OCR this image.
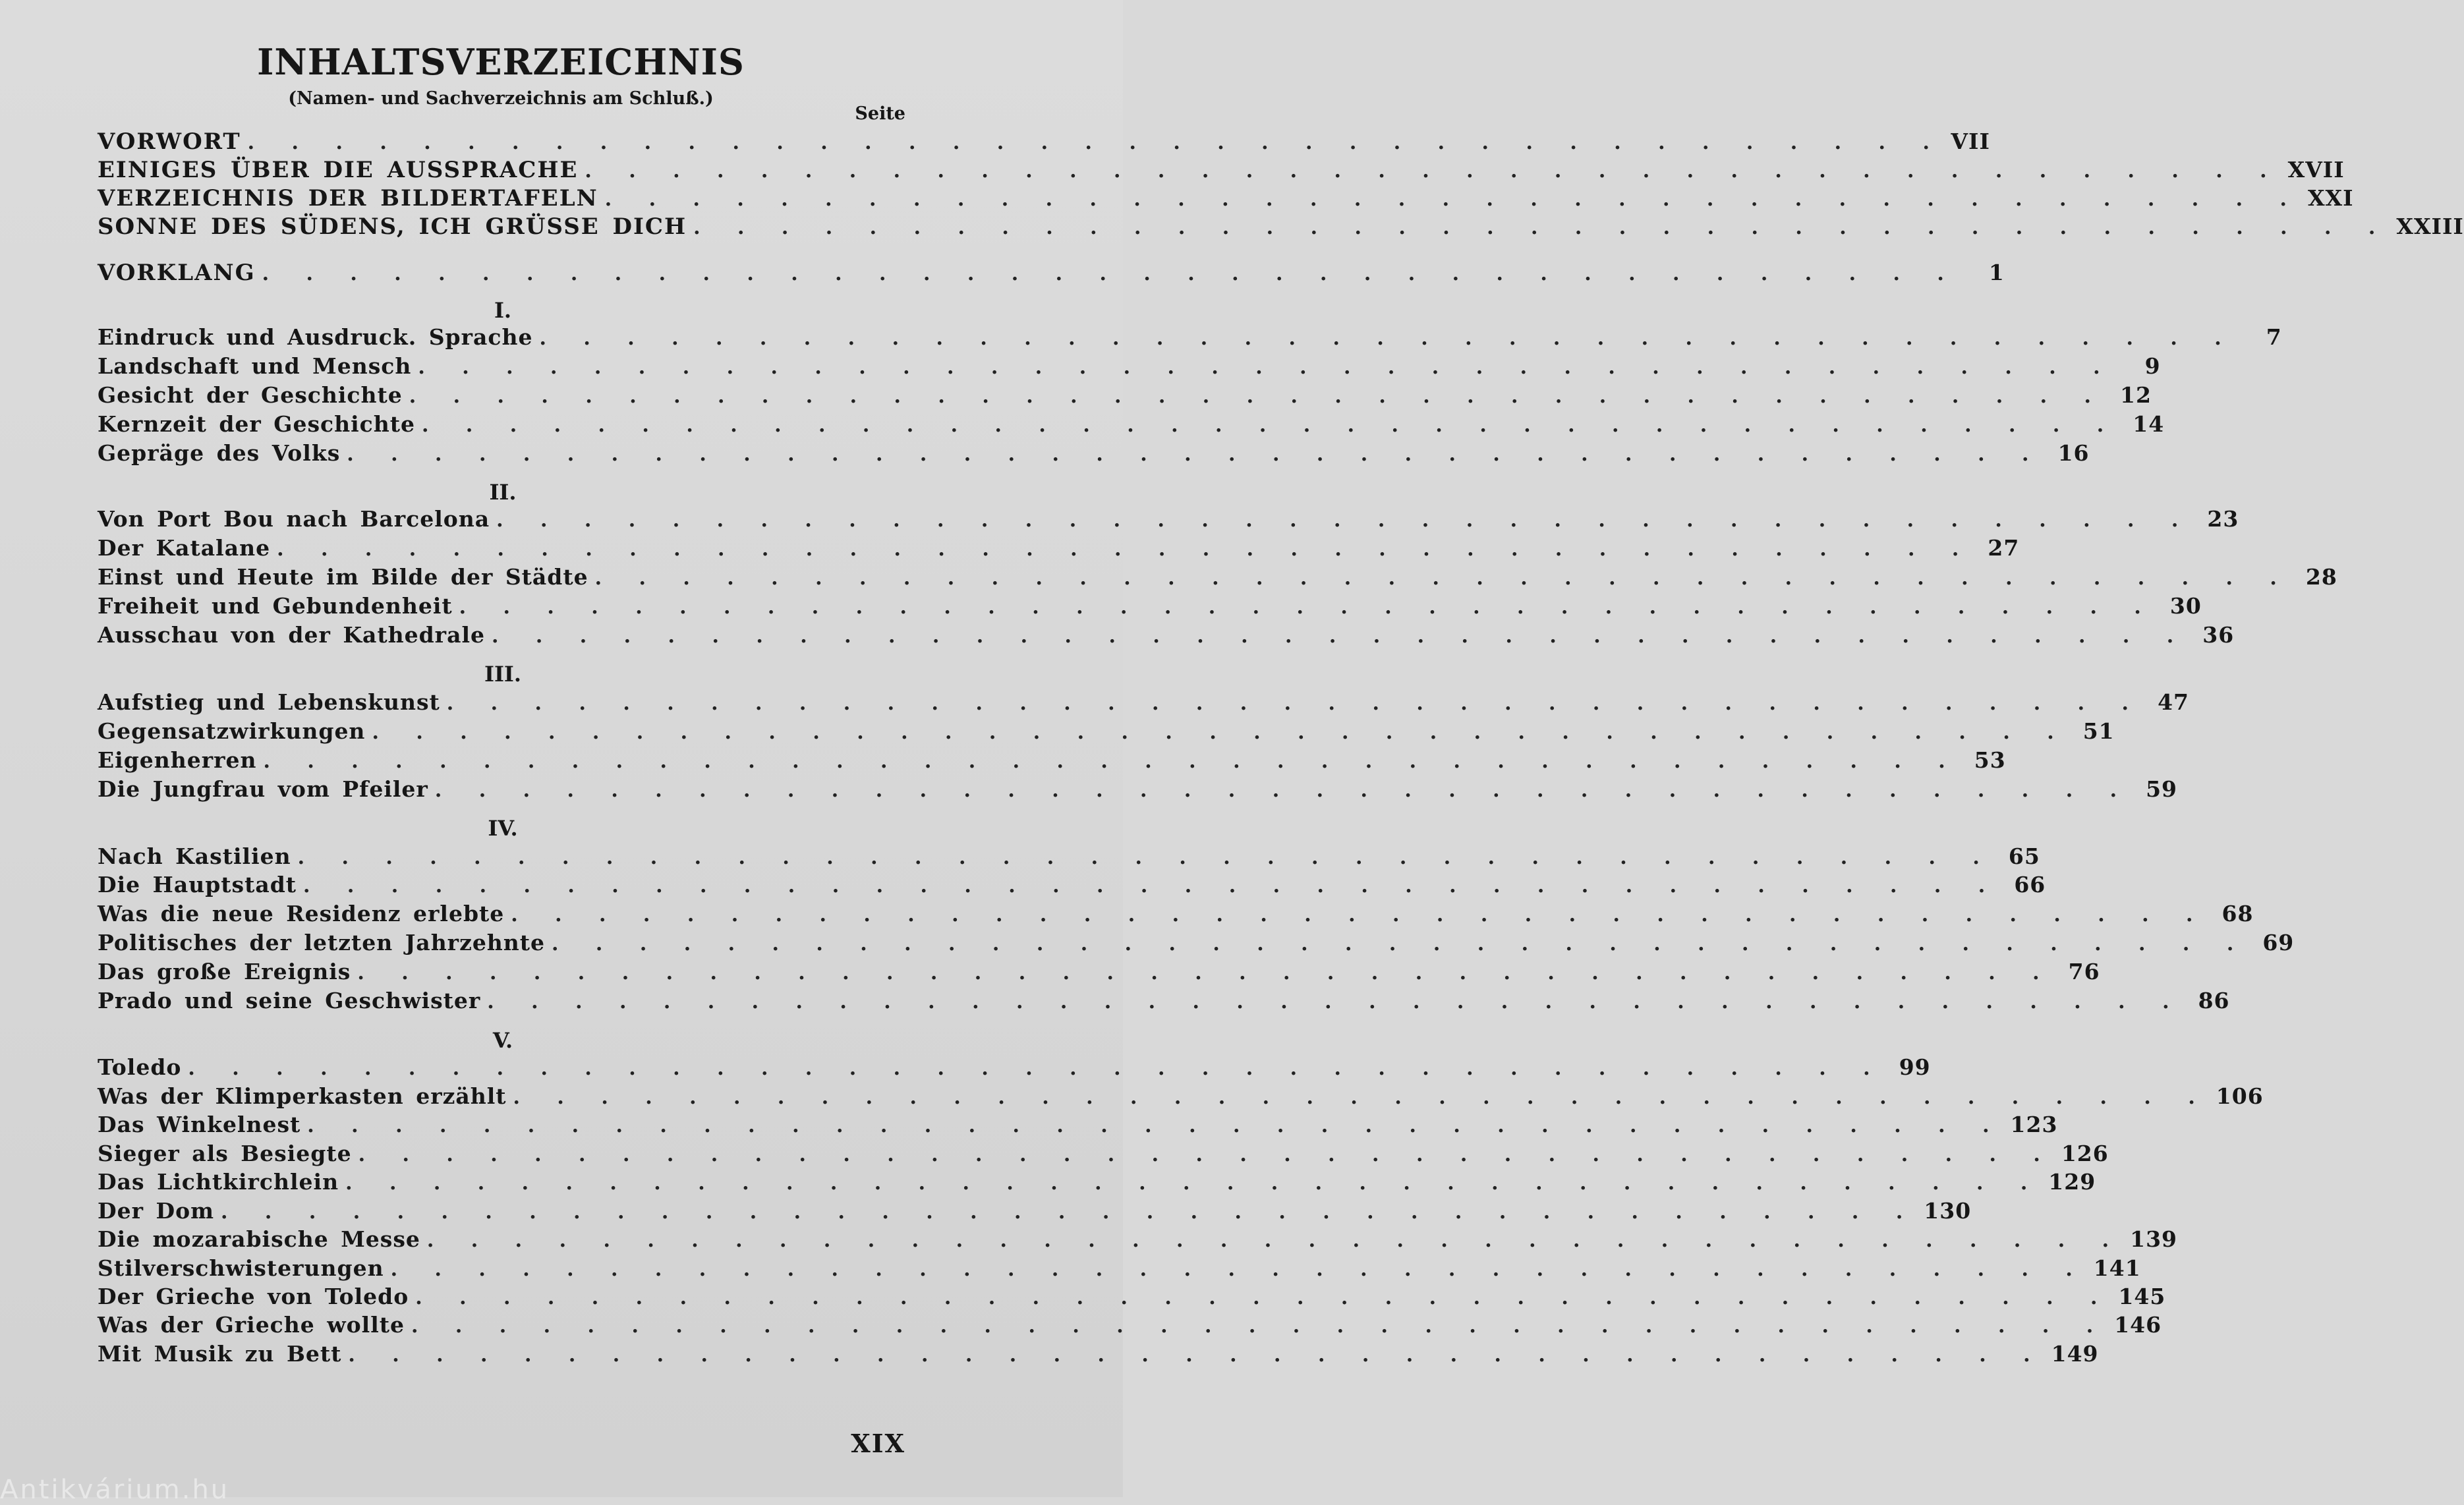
INHALTSVERZEICHNIS
(Namen- und Sachverzeichnis am Schluß.)
Seite
VORWORT . . . . . . . . . . . . . . . . . . . . . . . . . . . . . . . . . . . . . . . VII
EINIGES ÜBER DIE AUSSPRACHE . . . . . . . . . . . . . . . . . . . . . . . . . . . . . . . . . . . . . . . XVII
VERZEICHNIS DER BILDERTAFELN . . . . . . . . . . . . . . . . . . . . . . . . . . . . . . . . . . . . . . . XXI
SONNE DES SÜDENS, ICH GRÜSSE DICH . . . . . . . . . . . . . . . . . . . . . . . . . . . . . . . . . . . . . . . XXIII
VORKLANG . . . . . . . . . . . . . . . . . . . . . . . . . . . . . . . . . . . . . . .	1
I.
Eindruck und Ausdruck. Sprache . . . . . . . . . . . . . . . . . . . . . . . . . . . . . . . . . . . . . . .	7
Landschaft und Mensch . . . . . . . . . . . . . . . . . . . . . . . . . . . . . . . . . . . . . . .	9
Gesicht der Geschichte . . . . . . . . . . . . . . . . . . . . . . . . . . . . . . . . . . . . . . . 12
Kernzeit der Geschichte . . . . . . . . . . . . . . . . . . . . . . . . . . . . . . . . . . . . . . . 14
Gepräge des Volks . . . . . . . . . . . . . . . . . . . . . . . . . . . . . . . . . . . . . . . 16
II.
Von Port Bou nach Barcelona . . . . . . . . . . . . . . . . . . . . . . . . . . . . . . . . . . . . . . . 23
Der Katalane . . . . . . . . . . . . . . . . . . . . . . . . . . . . . . . . . . . . . . . 27
Einst und Heute im Bilde der Städte . . . . . . . . . . . . . . . . . . . . . . . . . . . . . . . . . . . . . . . 28
Freiheit und Gebundenheit . . . . . . . . . . . . . . . . . . . . . . . . . . . . . . . . . . . . . . . 30
Ausschau von der Kathedrale . . . . . . . . . . . . . . . . . . . . . . . . . . . . . . . . . . . . . . . 36
III.
Aufstieg und Lebenskunst . . . . . . . . . . . . . . . . . . . . . . . . . . . . . . . . . . . . . . . 47
Gegensatzwirkungen . . . . . . . . . . . . . . . . . . . . . . . . . . . . . . . . . . . . . . . 51
Eigenherren . . . . . . . . . . . . . . . . . . . . . . . . . . . . . . . . . . . . . . . 53
Die Jungfrau vom Pfeiler . . . . . . . . . . . . . . . . . . . . . . . . . . . . . . . . . . . . . . . 59
IV.
Nach Kastilien . . . . . . . . . . . . . . . . . . . . . . . . . . . . . . . . . . . . . . . 65
Die Hauptstadt . . . . . . . . . . . . . . . . . . . . . . . . . . . . . . . . . . . . . . . 66
Was die neue Residenz erlebte . . . . . . . . . . . . . . . . . . . . . . . . . . . . . . . . . . . . . . . 68
Politisches der letzten Jahrzehnte . . . . . . . . . . . . . . . . . . . . . . . . . . . . . . . . . . . . . . . 69
Das große Ereignis . . . . . . . . . . . . . . . . . . . . . . . . . . . . . . . . . . . . . . . 76
Prado und seine Geschwister . . . . . . . . . . . . . . . . . . . . . . . . . . . . . . . . . . . . . . . 86
V.
Toledo . . . . . . . . . . . . . . . . . . . . . . . . . . . . . . . . . . . . . . . 99
Was der Klimperkasten erzählt . . . . . . . . . . . . . . . . . . . . . . . . . . . . . . . . . . . . . . . 106
Das Winkelnest . . . . . . . . . . . . . . . . . . . . . . . . . . . . . . . . . . . . . . . 123
Sieger als Besiegte . . . . . . . . . . . . . . . . . . . . . . . . . . . . . . . . . . . . . . . 126
Das Lichtkirchlein . . . . . . . . . . . . . . . . . . . . . . . . . . . . . . . . . . . . . . . 129
Der Dom . . . . . . . . . . . . . . . . . . . . . . . . . . . . . . . . . . . . . . . 130
Die mozarabische Messe . . . . . . . . . . . . . . . . . . . . . . . . . . . . . . . . . . . . . . . 139
Stilverschwisterungen . . . . . . . . . . . . . . . . . . . . . . . . . . . . . . . . . . . . . . . 141
Der Grieche von Toledo . . . . . . . . . . . . . . . . . . . . . . . . . . . . . . . . . . . . . . . 145
Was der Grieche wollte . . . . . . . . . . . . . . . . . . . . . . . . . . . . . . . . . . . . . . . 146
Mit Musik zu Bett . . . . . . . . . . . . . . . . . . . . . . . . . . . . . . . . . . . . . . . 149
XIX
Antikvárium.hu
